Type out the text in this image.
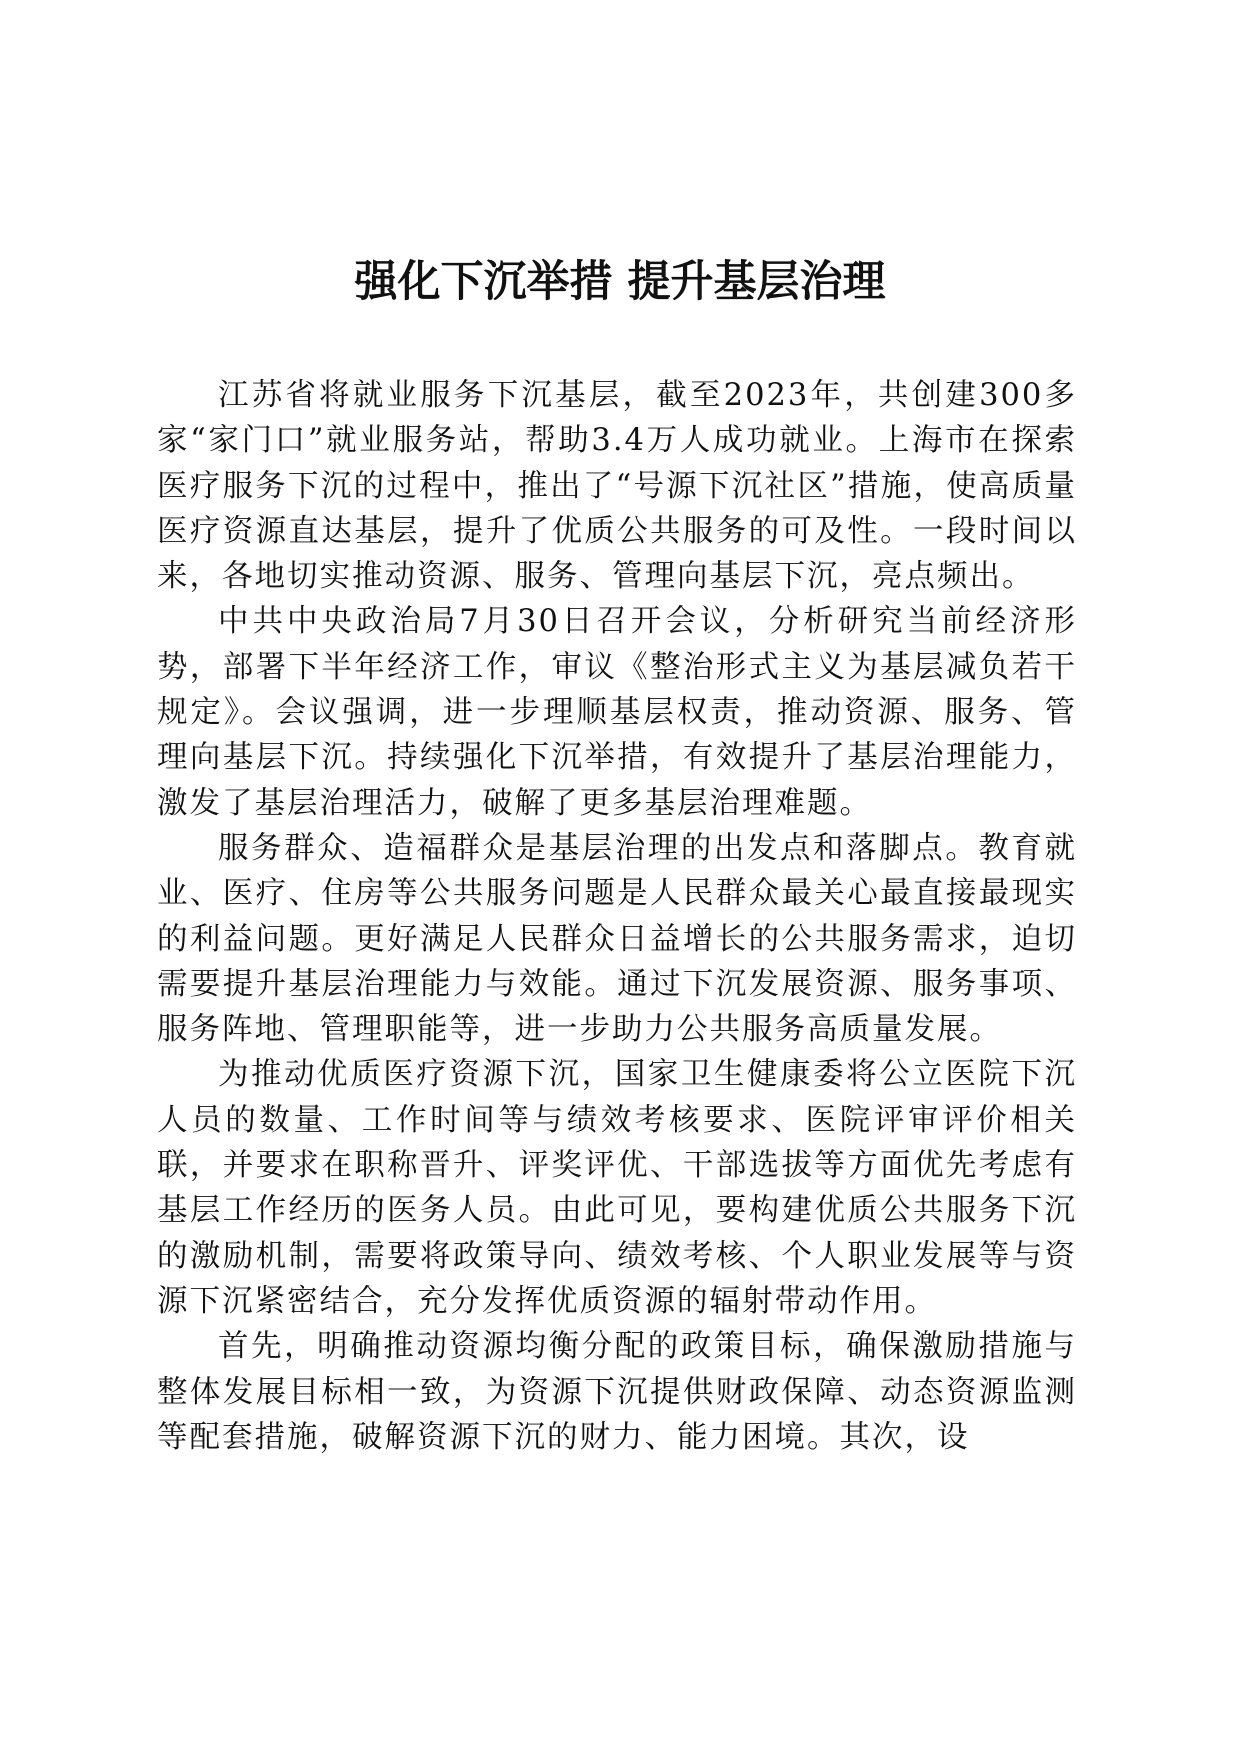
强化下沉举措 提升基层治理

江苏省将就业服务下沉基层，截至2023年，共创建300多家“家门口”就业服务站，帮助3.4万人成功就业。上海市在探索医疗服务下沉的过程中，推出了“号源下沉社区”措施，使高质量医疗资源直达基层，提升了优质公共服务的可及性。一段时间以来，各地切实推动资源、服务、管理向基层下沉，亮点频出。

中共中央政治局7月30日召开会议，分析研究当前经济形势，部署下半年经济工作，审议《整治形式主义为基层减负若干规定》。会议强调，进一步理顺基层权责，推动资源、服务、管理向基层下沉。持续强化下沉举措，有效提升了基层治理能力，激发了基层治理活力，破解了更多基层治理难题。

服务群众、造福群众是基层治理的出发点和落脚点。教育就业、医疗、住房等公共服务问题是人民群众最关心最直接最现实的利益问题。更好满足人民群众日益增长的公共服务需求，迫切需要提升基层治理能力与效能。通过下沉发展资源、服务事项、服务阵地、管理职能等，进一步助力公共服务高质量发展。

为推动优质医疗资源下沉，国家卫生健康委将公立医院下沉人员的数量、工作时间等与绩效考核要求、医院评审评价相关联，并要求在职称晋升、评奖评优、干部选拔等方面优先考虑有基层工作经历的医务人员。由此可见，要构建优质公共服务下沉的激励机制，需要将政策导向、绩效考核、个人职业发展等与资源下沉紧密结合，充分发挥优质资源的辐射带动作用。

首先，明确推动资源均衡分配的政策目标，确保激励措施与整体发展目标相一致，为资源下沉提供财政保障、动态资源监测等配套措施，破解资源下沉的财力、能力困境。其次，设
